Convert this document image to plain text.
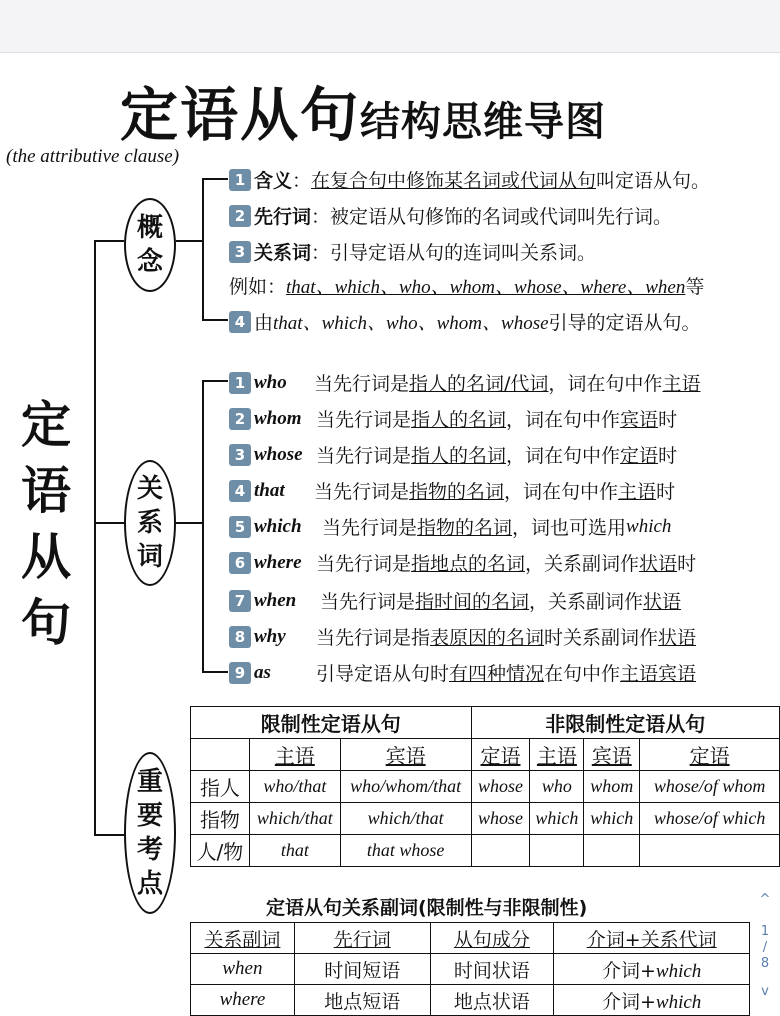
定语从句结构思维导图
(the attributive clause)
定
语
从
句
概
念
关
系
词
重
要
考
点
1 含义 ： 在复合句中修饰某名词或代词从句 叫定语从句。
2 先行词 ： 被定语从句修饰的名词或代词叫先行词。
3 关系词 ： 引导定语从句的连词叫关系词。
例如： that、which、who、whom、whose、where、when 等
4 由 that、which、who、whom、whose 引导的定语从句。
1 who	当先行词是 指人的名词/代词 ，词在句中作 主语
2 whom 当先行词是 指人的名词 ，词在句中作 宾语 时
3 whose 当先行词是 指人的名词 ，词在句中作 定语 时
4 that	当先行词是 指物的名词 ，词在句中作 主语 时
5 which	当先行词是 指物的名词 ，词也可选用 which
6 where 当先行词是 指地点的名词 ，关系副词作 状语 时
7 when	当先行词是 指时间的名词 ，关系副词作 状语
8 why	当先行词是指 表原因的名词 时关系副词作 状语
9 as	引导定语从句时 有四种情况 在句中作 主语宾语
限制性定语从句			非限制性定语从句			
	主语	宾语	定语	主语	宾语	定语
指人	who/that	who/whom/that	whose	who	whom	whose/of whom
指物	which/that	which/that	whose	which	which	whose/of which
人/物	that	that whose				
定语从句关系副词(限制性与非限制性)
关系副词	先行词	从句成分	介词+关系代词
when	时间短语	时间状语	介词+which
where	地点短语	地点状语	介词+which
^
1
/
8
v
